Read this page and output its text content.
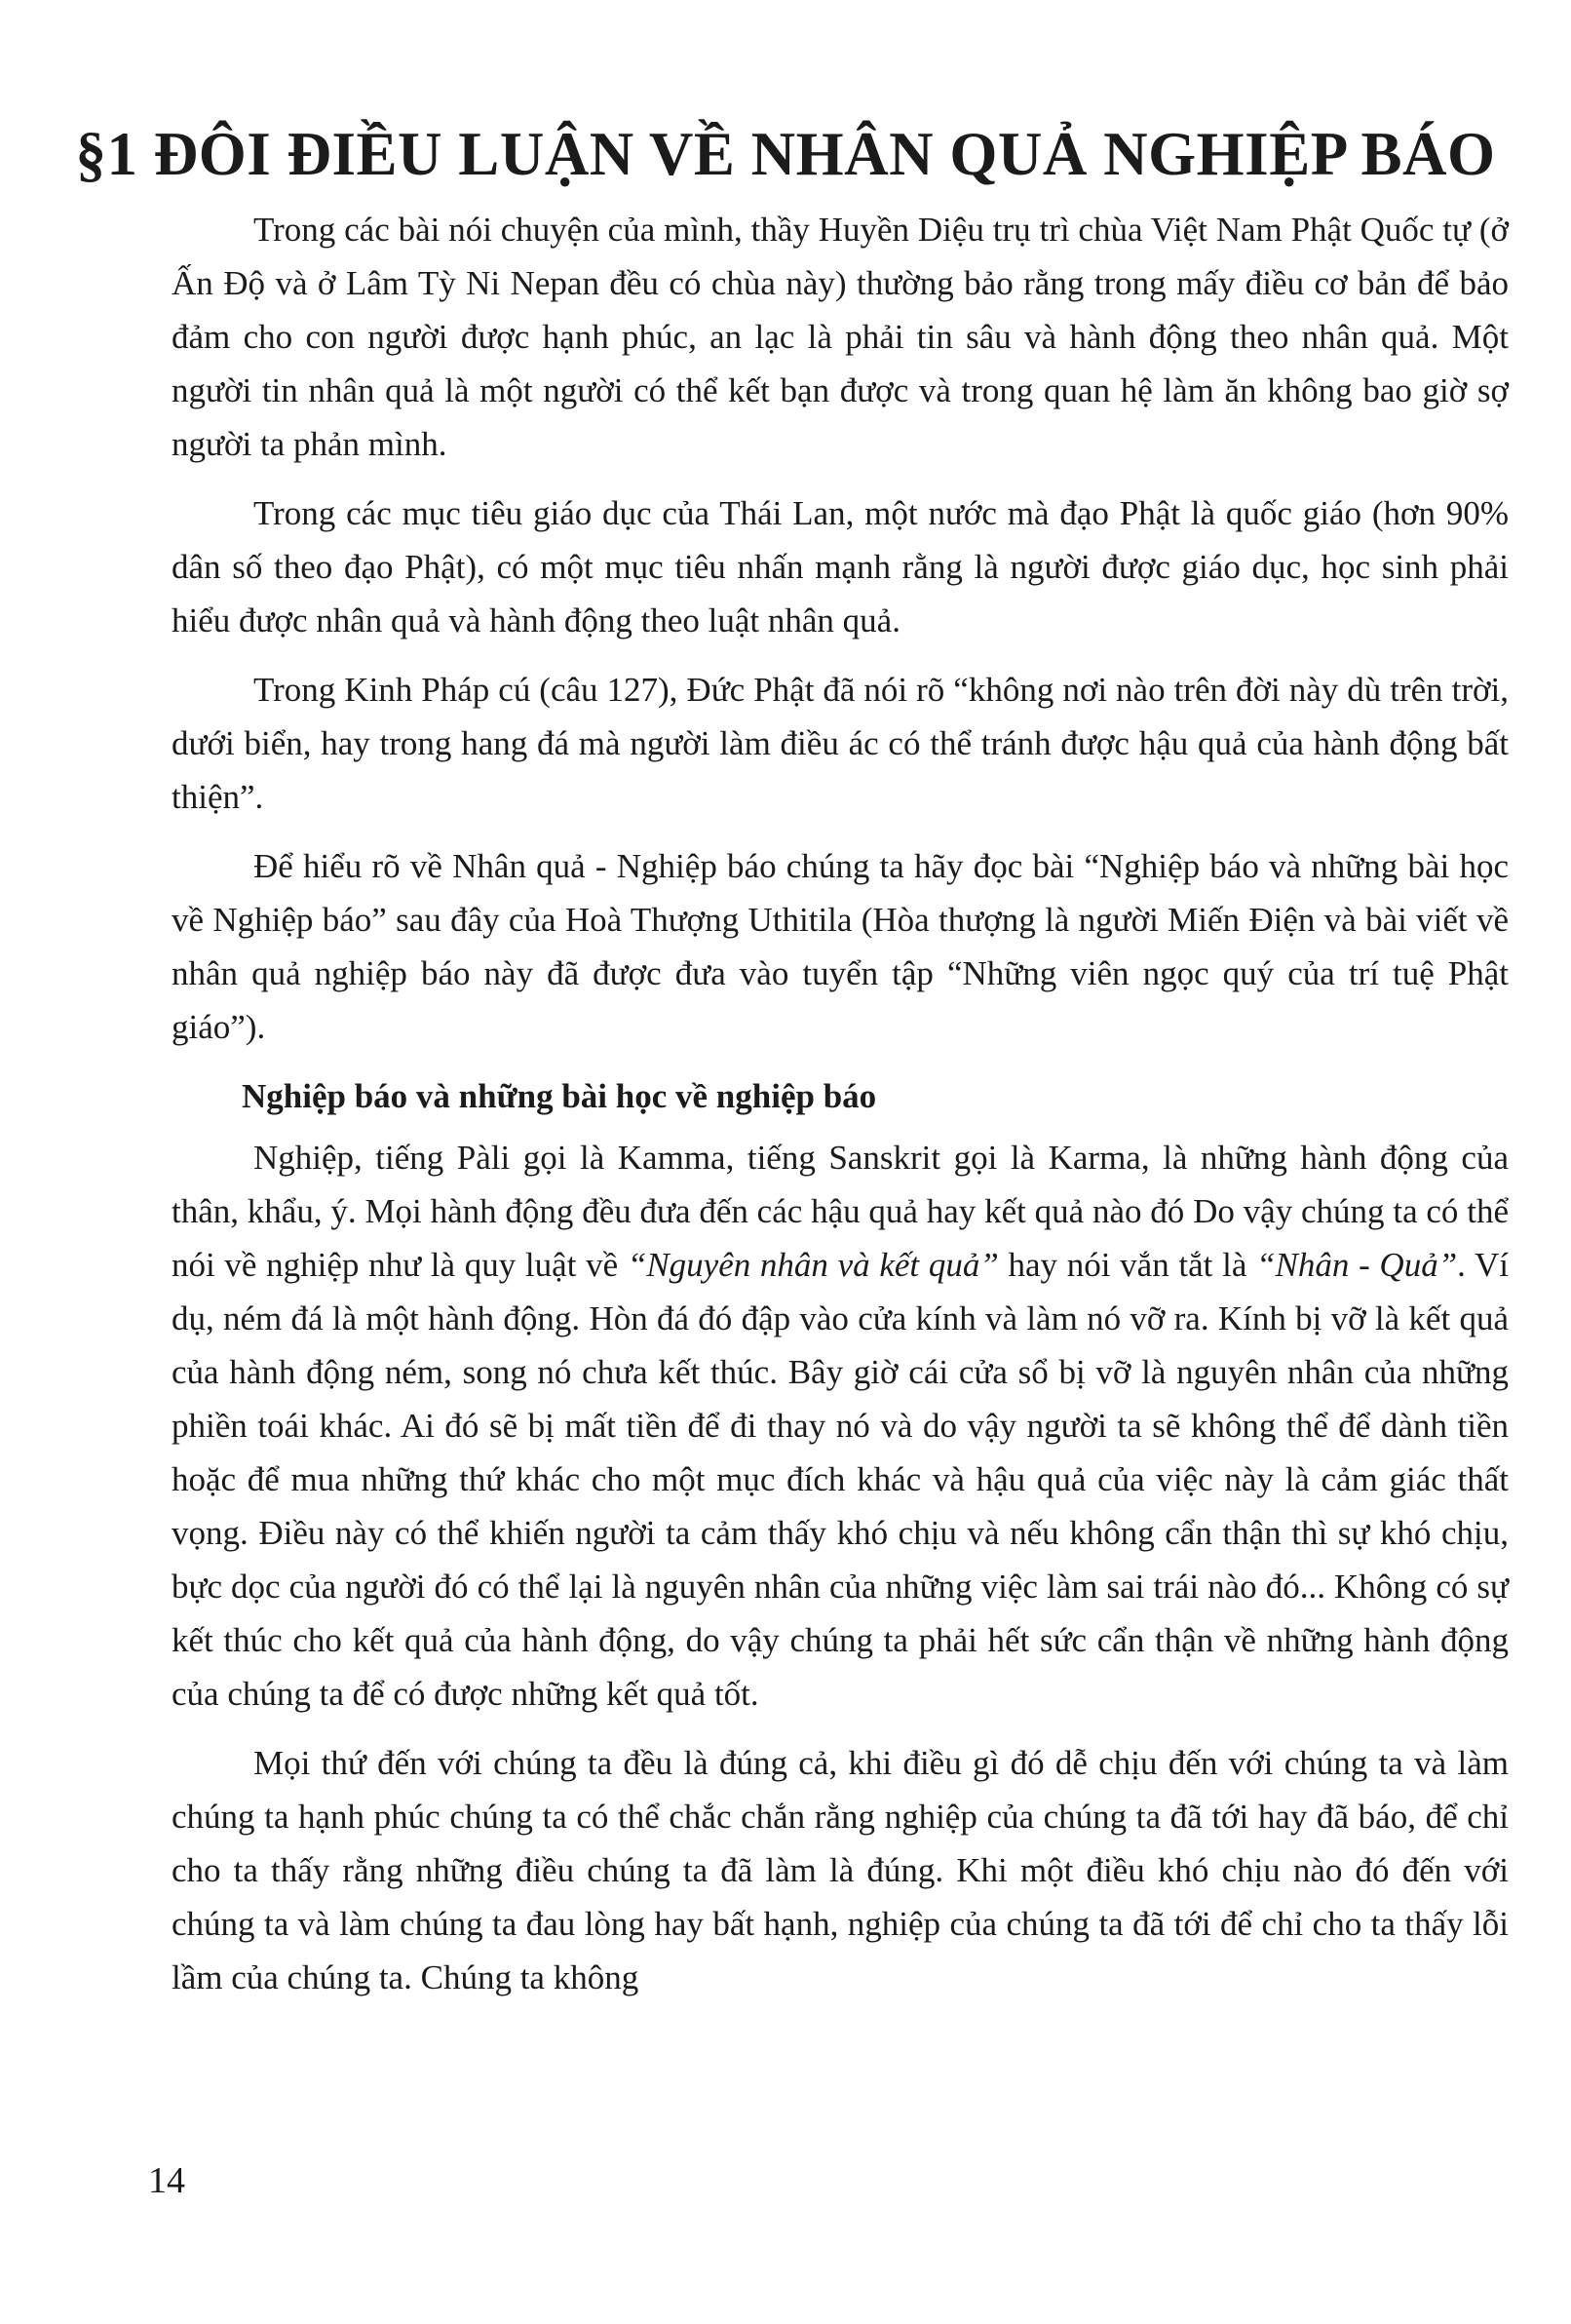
§1 ĐÔI ĐIỀU LUẬN VỀ NHÂN QUẢ NGHIỆP BÁO

Trong các bài nói chuyện của mình, thầy Huyền Diệu trụ trì chùa Việt Nam Phật Quốc tự (ở Ấn Độ và ở Lâm Tỳ Ni Nepan đều có chùa này) thường bảo rằng trong mấy điều cơ bản để bảo đảm cho con người được hạnh phúc, an lạc là phải tin sâu và hành động theo nhân quả. Một người tin nhân quả là một người có thể kết bạn được và trong quan hệ làm ăn không bao giờ sợ người ta phản mình.

Trong các mục tiêu giáo dục của Thái Lan, một nước mà đạo Phật là quốc giáo (hơn 90% dân số theo đạo Phật), có một mục tiêu nhấn mạnh rằng là người được giáo dục, học sinh phải hiểu được nhân quả và hành động theo luật nhân quả.

Trong Kinh Pháp cú (câu 127), Đức Phật đã nói rõ “không nơi nào trên đời này dù trên trời, dưới biển, hay trong hang đá mà người làm điều ác có thể tránh được hậu quả của hành động bất thiện”.

Để hiểu rõ về Nhân quả - Nghiệp báo chúng ta hãy đọc bài “Nghiệp báo và những bài học về Nghiệp báo” sau đây của Hoà Thượng Uthitila (Hòa thượng là người Miến Điện và bài viết về nhân quả nghiệp báo này đã được đưa vào tuyển tập “Những viên ngọc quý của trí tuệ Phật giáo”).

Nghiệp báo và những bài học về nghiệp báo

Nghiệp, tiếng Pàli gọi là Kamma, tiếng Sanskrit gọi là Karma, là những hành động của thân, khẩu, ý. Mọi hành động đều đưa đến các hậu quả hay kết quả nào đó Do vậy chúng ta có thể nói về nghiệp như là quy luật về “Nguyên nhân và kết quả” hay nói vắn tắt là “Nhân - Quả”. Ví dụ, ném đá là một hành động. Hòn đá đó đập vào cửa kính và làm nó vỡ ra. Kính bị vỡ là kết quả của hành động ném, song nó chưa kết thúc. Bây giờ cái cửa sổ bị vỡ là nguyên nhân của những phiền toái khác. Ai đó sẽ bị mất tiền để đi thay nó và do vậy người ta sẽ không thể để dành tiền hoặc để mua những thứ khác cho một mục đích khác và hậu quả của việc này là cảm giác thất vọng. Điều này có thể khiến người ta cảm thấy khó chịu và nếu không cẩn thận thì sự khó chịu, bực dọc của người đó có thể lại là nguyên nhân của những việc làm sai trái nào đó... Không có sự kết thúc cho kết quả của hành động, do vậy chúng ta phải hết sức cẩn thận về những hành động của chúng ta để có được những kết quả tốt.

Mọi thứ đến với chúng ta đều là đúng cả, khi điều gì đó dễ chịu đến với chúng ta và làm chúng ta hạnh phúc chúng ta có thể chắc chắn rằng nghiệp của chúng ta đã tới hay đã báo, để chỉ cho ta thấy rằng những điều chúng ta đã làm là đúng. Khi một điều khó chịu nào đó đến với chúng ta và làm chúng ta đau lòng hay bất hạnh, nghiệp của chúng ta đã tới để chỉ cho ta thấy lỗi lầm của chúng ta. Chúng ta không

14
